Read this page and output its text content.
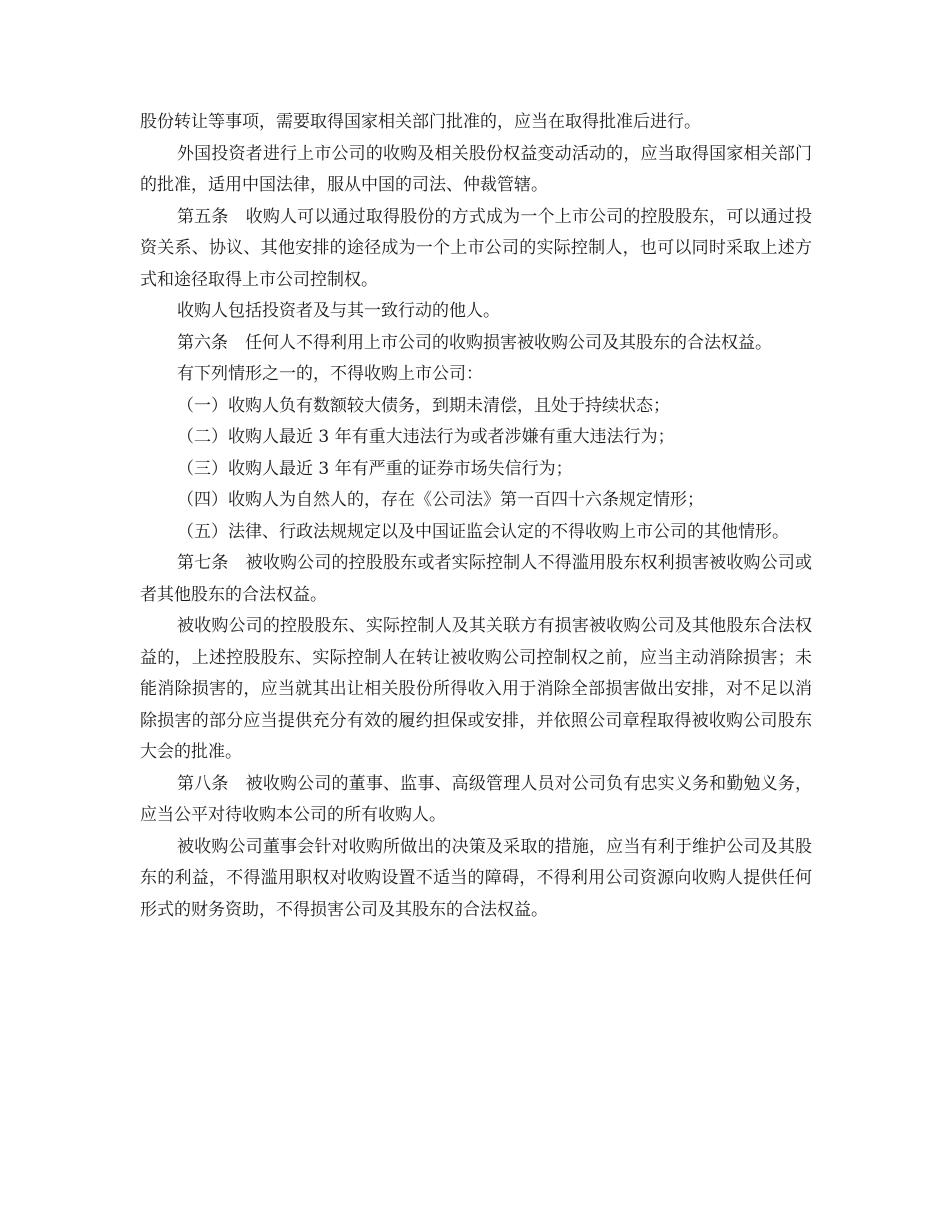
股份转让等事项，需要取得国家相关部门批准的，应当在取得批准后进行。

外国投资者进行上市公司的收购及相关股份权益变动活动的，应当取得国家相关部门的批准，适用中国法律，服从中国的司法、仲裁管辖。

第五条　收购人可以通过取得股份的方式成为一个上市公司的控股股东，可以通过投资关系、协议、其他安排的途径成为一个上市公司的实际控制人，也可以同时采取上述方式和途径取得上市公司控制权。

收购人包括投资者及与其一致行动的他人。

第六条　任何人不得利用上市公司的收购损害被收购公司及其股东的合法权益。

有下列情形之一的，不得收购上市公司：

（一）收购人负有数额较大债务，到期未清偿，且处于持续状态；

（二）收购人最近 3 年有重大违法行为或者涉嫌有重大违法行为；

（三）收购人最近 3 年有严重的证券市场失信行为；

（四）收购人为自然人的，存在《公司法》第一百四十六条规定情形；

（五）法律、行政法规规定以及中国证监会认定的不得收购上市公司的其他情形。

第七条　被收购公司的控股股东或者实际控制人不得滥用股东权利损害被收购公司或者其他股东的合法权益。

被收购公司的控股股东、实际控制人及其关联方有损害被收购公司及其他股东合法权益的，上述控股股东、实际控制人在转让被收购公司控制权之前，应当主动消除损害；未能消除损害的，应当就其出让相关股份所得收入用于消除全部损害做出安排，对不足以消除损害的部分应当提供充分有效的履约担保或安排，并依照公司章程取得被收购公司股东大会的批准。

第八条　被收购公司的董事、监事、高级管理人员对公司负有忠实义务和勤勉义务，应当公平对待收购本公司的所有收购人。

被收购公司董事会针对收购所做出的决策及采取的措施，应当有利于维护公司及其股东的利益，不得滥用职权对收购设置不适当的障碍，不得利用公司资源向收购人提供任何形式的财务资助，不得损害公司及其股东的合法权益。
